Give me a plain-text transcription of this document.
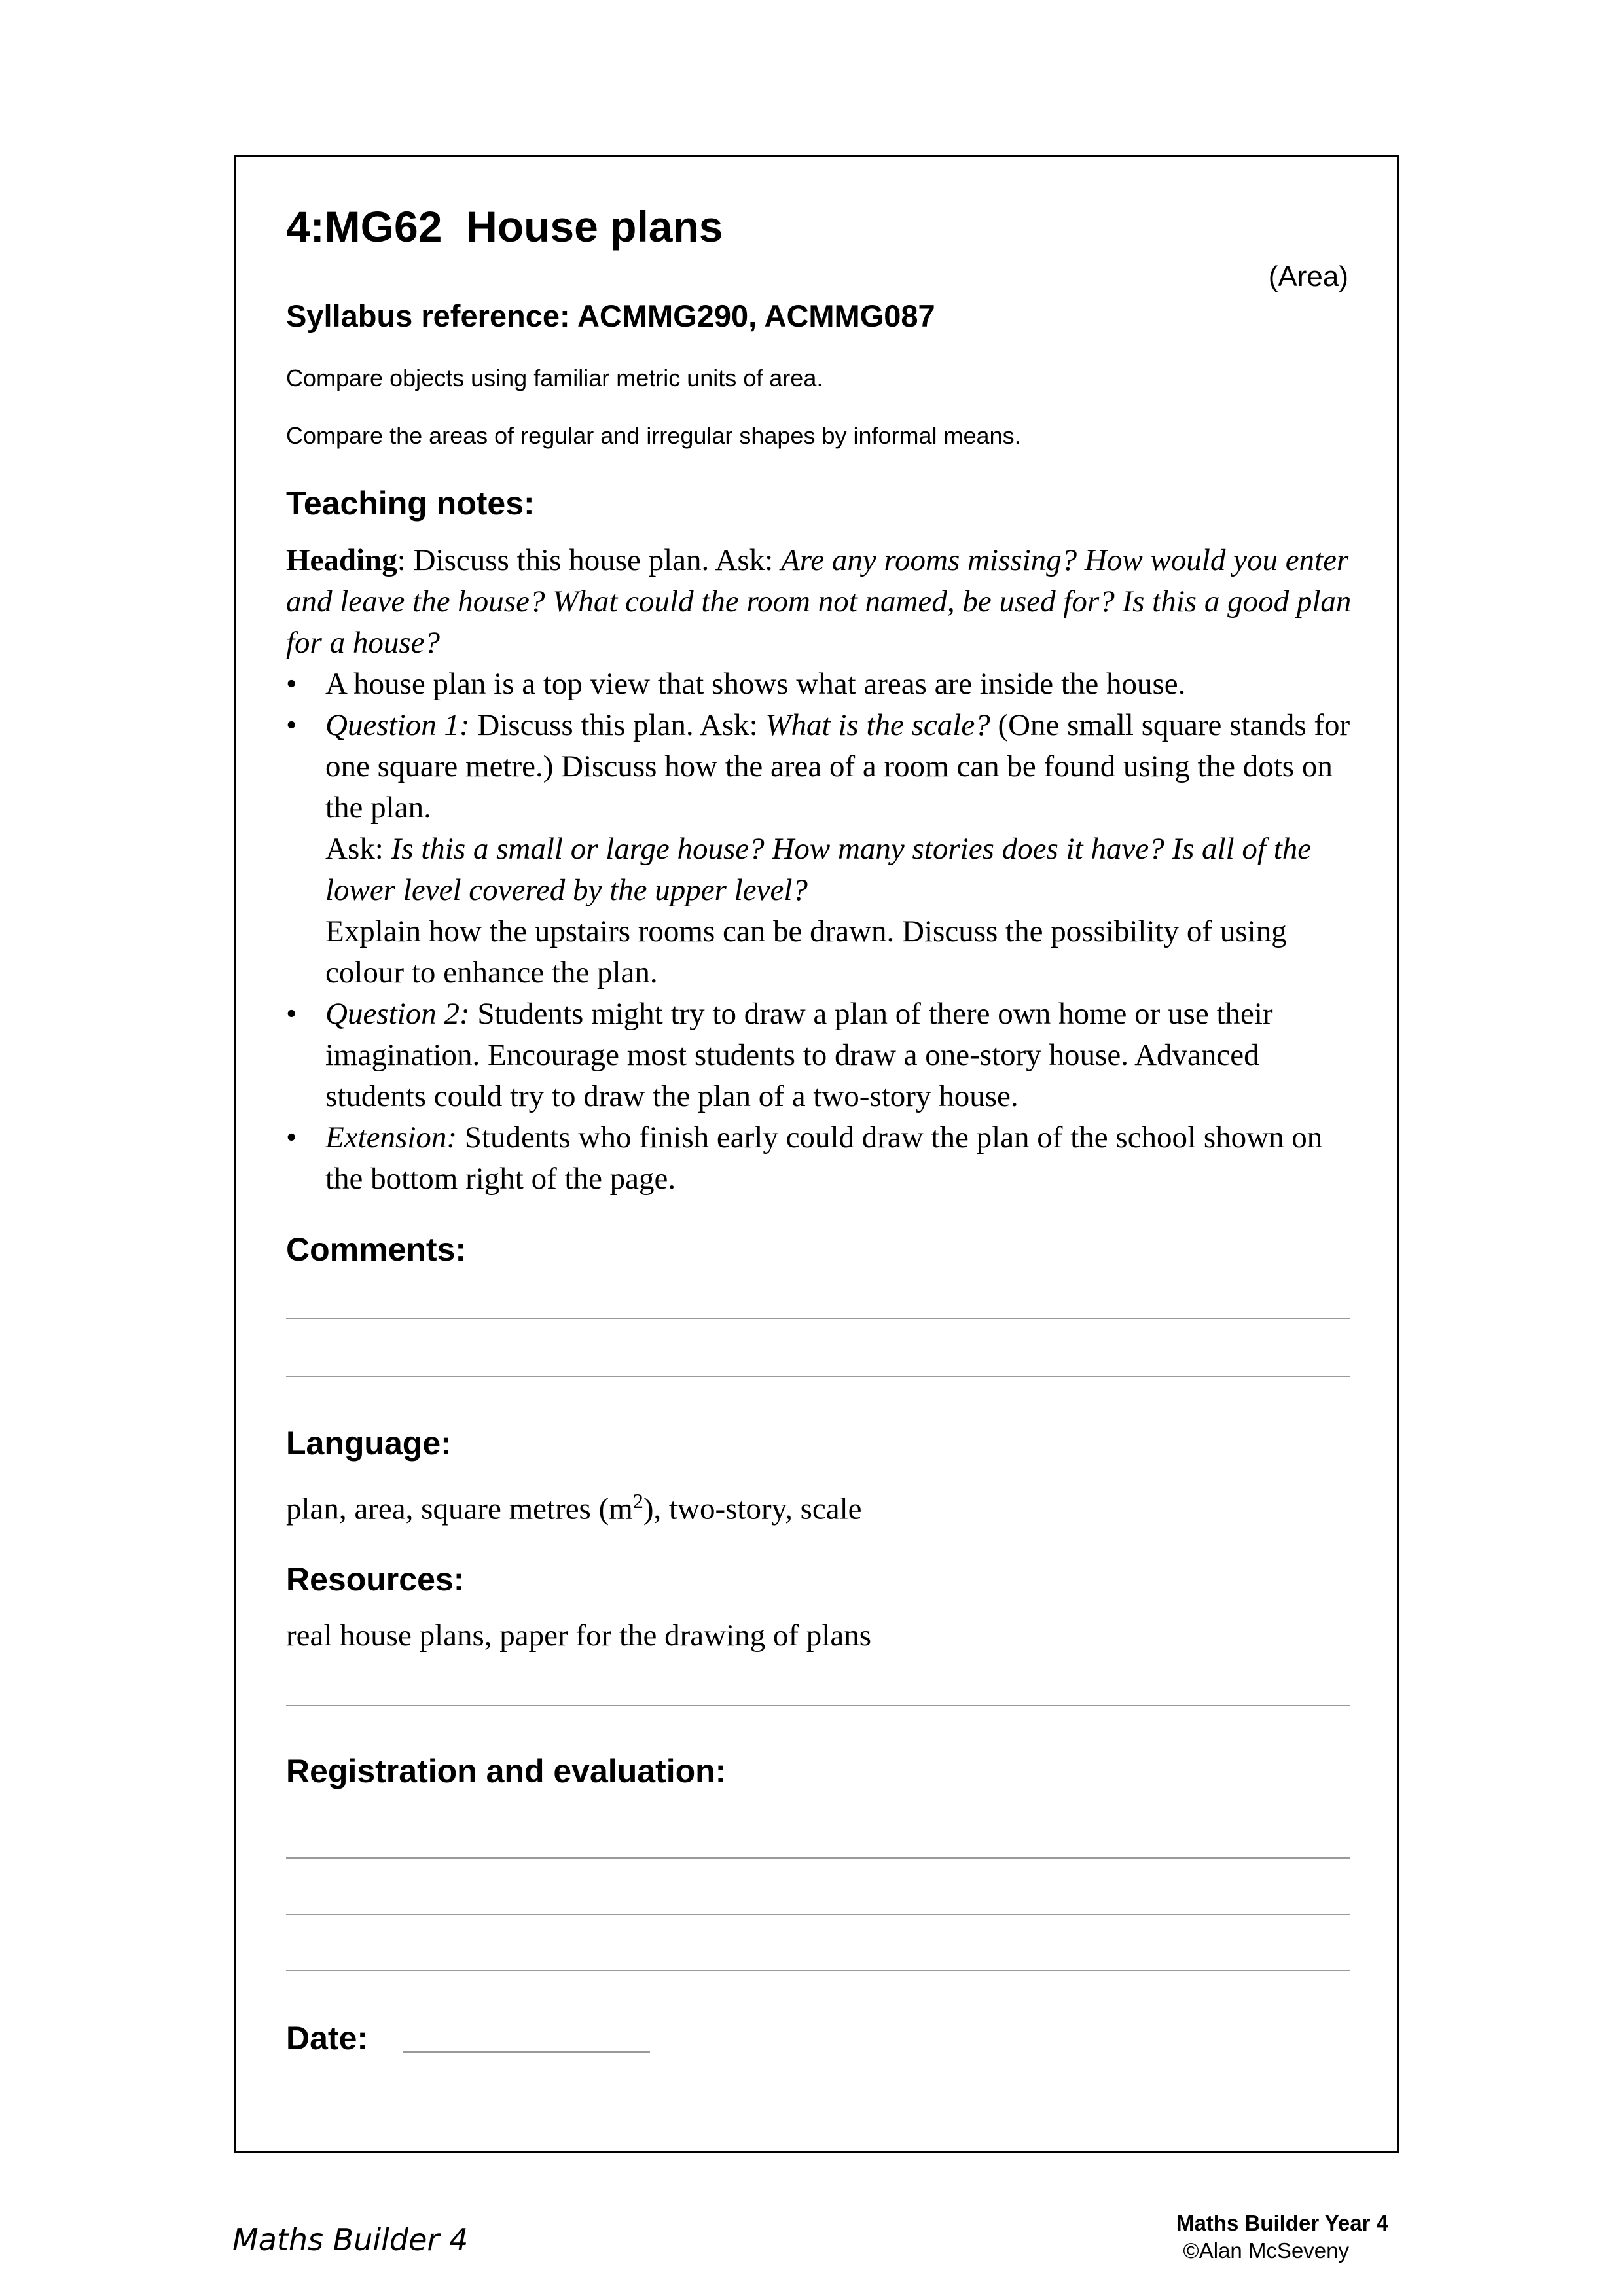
4:MG62  House plans
(Area)
Syllabus reference: ACMMG290, ACMMG087
Compare objects using familiar metric units of area.
Compare the areas of regular and irregular shapes by informal means.
Teaching notes:
Heading: Discuss this house plan. Ask: Are any rooms missing? How would you enter and leave the house? What could the room not named, be used for? Is this a good plan for a house?
• A house plan is a top view that shows what areas are inside the house.
• Question 1: Discuss this plan. Ask: What is the scale? (One small square stands for one square metre.) Discuss how the area of a room can be found using the dots on the plan.
Ask: Is this a small or large house? How many stories does it have? Is all of the lower level covered by the upper level?
Explain how the upstairs rooms can be drawn. Discuss the possibility of using colour to enhance the plan.
• Question 2: Students might try to draw a plan of there own home or use their imagination. Encourage most students to draw a one-story house. Advanced students could try to draw the plan of a two-story house.
• Extension: Students who finish early could draw the plan of the school shown on the bottom right of the page.
Comments:
Language:
plan, area, square metres $(m^2)$, two-story, scale
Resources:
real house plans, paper for the drawing of plans
Registration and evaluation:
Date:
Maths Builder 4	Maths Builder Year 4
©Alan McSeveny
